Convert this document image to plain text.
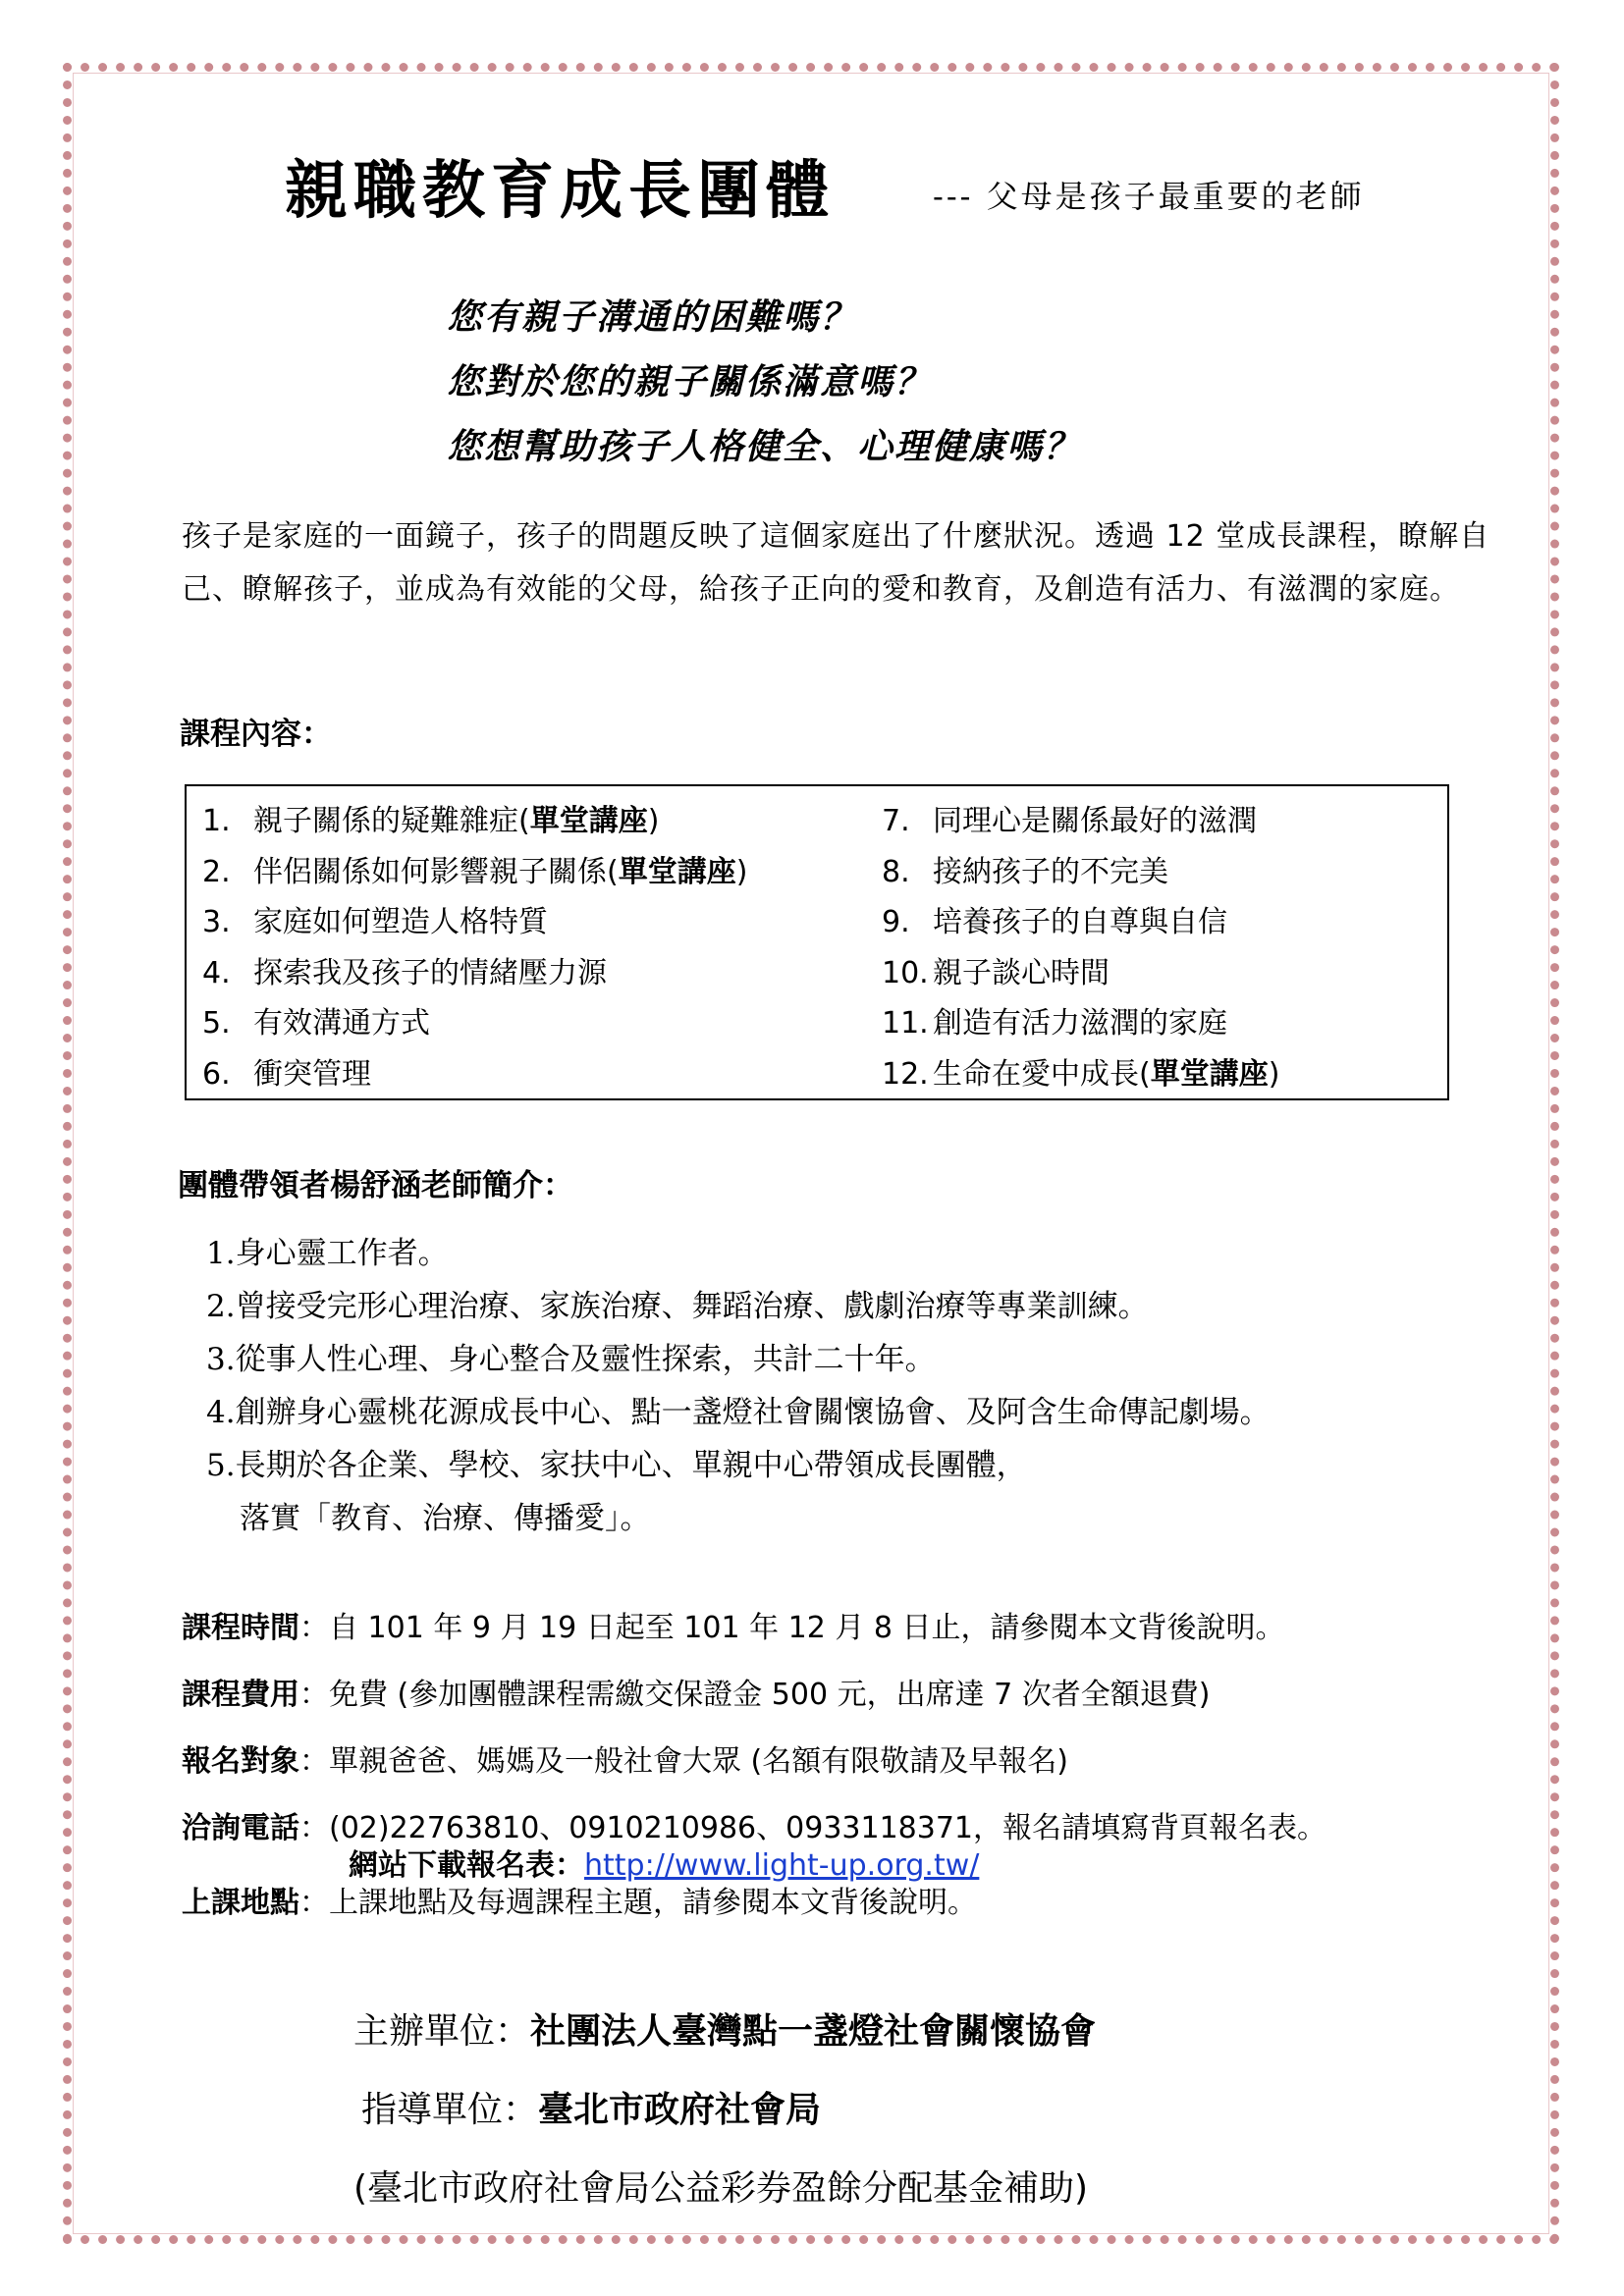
親職教育成長團體	--- 父母是孩子最重要的老師
您有親子溝通的困難嗎？
您對於您的親子關係滿意嗎？
您想幫助孩子人格健全、心理健康嗎？
孩子是家庭的一面鏡子，孩子的問題反映了這個家庭出了什麼狀況。透過 12 堂成長課程，瞭解自己、瞭解孩子，並成為有效能的父母，給孩子正向的愛和教育，及創造有活力、有滋潤的家庭。
課程內容：
1. 親子關係的疑難雜症(單堂講座)
2. 伴侶關係如何影響親子關係(單堂講座)
3. 家庭如何塑造人格特質
4. 探索我及孩子的情緒壓力源
5. 有效溝通方式
6. 衝突管理
7. 同理心是關係最好的滋潤
8. 接納孩子的不完美
9. 培養孩子的自尊與自信
10. 親子談心時間
11. 創造有活力滋潤的家庭
12. 生命在愛中成長(單堂講座)
團體帶領者楊舒涵老師簡介：
1.身心靈工作者。
2.曾接受完形心理治療、家族治療、舞蹈治療、戲劇治療等專業訓練。
3.從事人性心理、身心整合及靈性探索，共計二十年。
4.創辦身心靈桃花源成長中心、點一盞燈社會關懷協會、及阿含生命傳記劇場。
5.長期於各企業、學校、家扶中心、單親中心帶領成長團體，
落實「教育、治療、傳播愛」。
課程時間：自 101 年 9 月 19 日起至 101 年 12 月 8 日止，請參閱本文背後說明。
課程費用：免費 (參加團體課程需繳交保證金 500 元，出席達 7 次者全額退費)
報名對象：單親爸爸、媽媽及一般社會大眾 (名額有限敬請及早報名)
洽詢電話：(02)22763810、0910210986、0933118371，報名請填寫背頁報名表。
網站下載報名表：http://www.light-up.org.tw/
上課地點：上課地點及每週課程主題，請參閱本文背後說明。
主辦單位：社團法人臺灣點一盞燈社會關懷協會
指導單位：臺北市政府社會局
(臺北市政府社會局公益彩券盈餘分配基金補助)
